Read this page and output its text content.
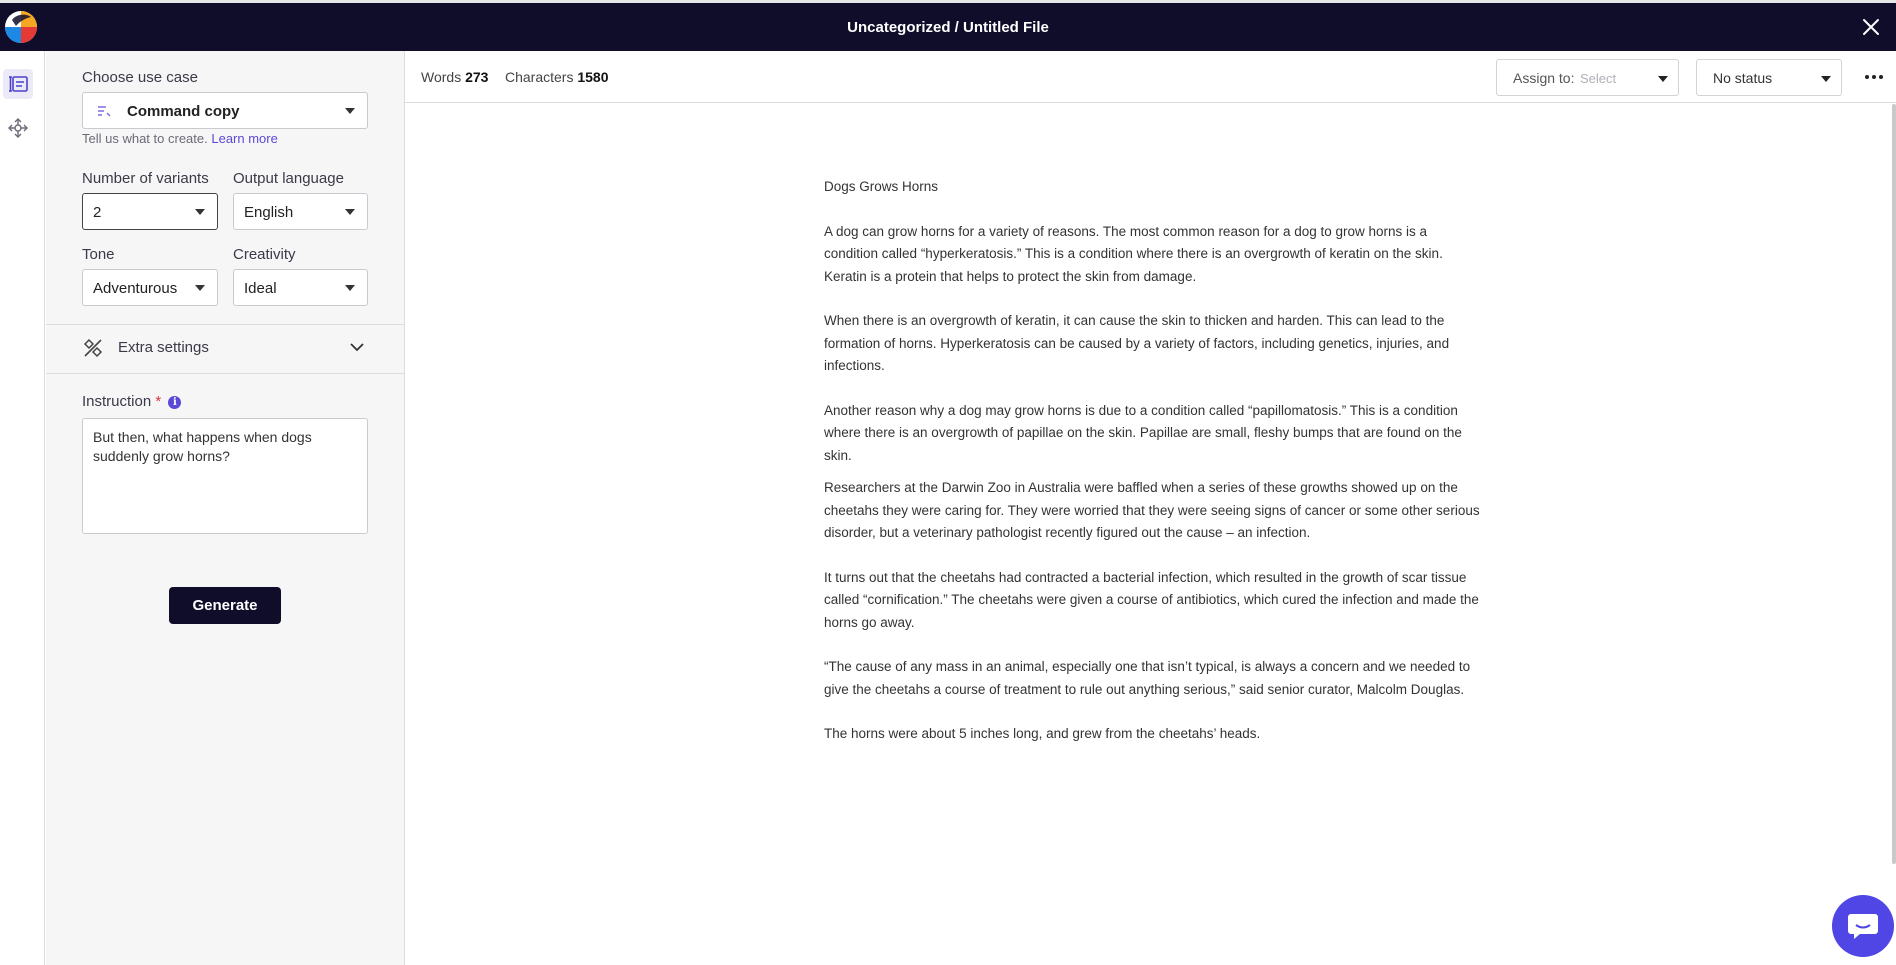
Uncategorized / Untitled File
Choose use case
Command copy
Tell us what to create. Learn more
Number of variants
2
Output language
English
Tone
Adventurous
Creativity
Ideal
Extra settings
Instruction * i
But then, what happens when dogs suddenly grow horns?
Generate
Words 273 Characters 1580	Assign to: Select	No status

Dogs Grows Horns

A dog can grow horns for a variety of reasons. The most common reason for a dog to grow horns is a condition called “hyperkeratosis.” This is a condition where there is an overgrowth of keratin on the skin. Keratin is a protein that helps to protect the skin from damage.

When there is an overgrowth of keratin, it can cause the skin to thicken and harden. This can lead to the formation of horns. Hyperkeratosis can be caused by a variety of factors, including genetics, injuries, and infections.

Another reason why a dog may grow horns is due to a condition called “papillomatosis.” This is a condition where there is an overgrowth of papillae on the skin. Papillae are small, fleshy bumps that are found on the skin.

Researchers at the Darwin Zoo in Australia were baffled when a series of these growths showed up on the cheetahs they were caring for. They were worried that they were seeing signs of cancer or some other serious disorder, but a veterinary pathologist recently figured out the cause – an infection.

It turns out that the cheetahs had contracted a bacterial infection, which resulted in the growth of scar tissue called “cornification.” The cheetahs were given a course of antibiotics, which cured the infection and made the horns go away.

“The cause of any mass in an animal, especially one that isn’t typical, is always a concern and we needed to give the cheetahs a course of treatment to rule out anything serious,” said senior curator, Malcolm Douglas.

The horns were about 5 inches long, and grew from the cheetahs’ heads.
